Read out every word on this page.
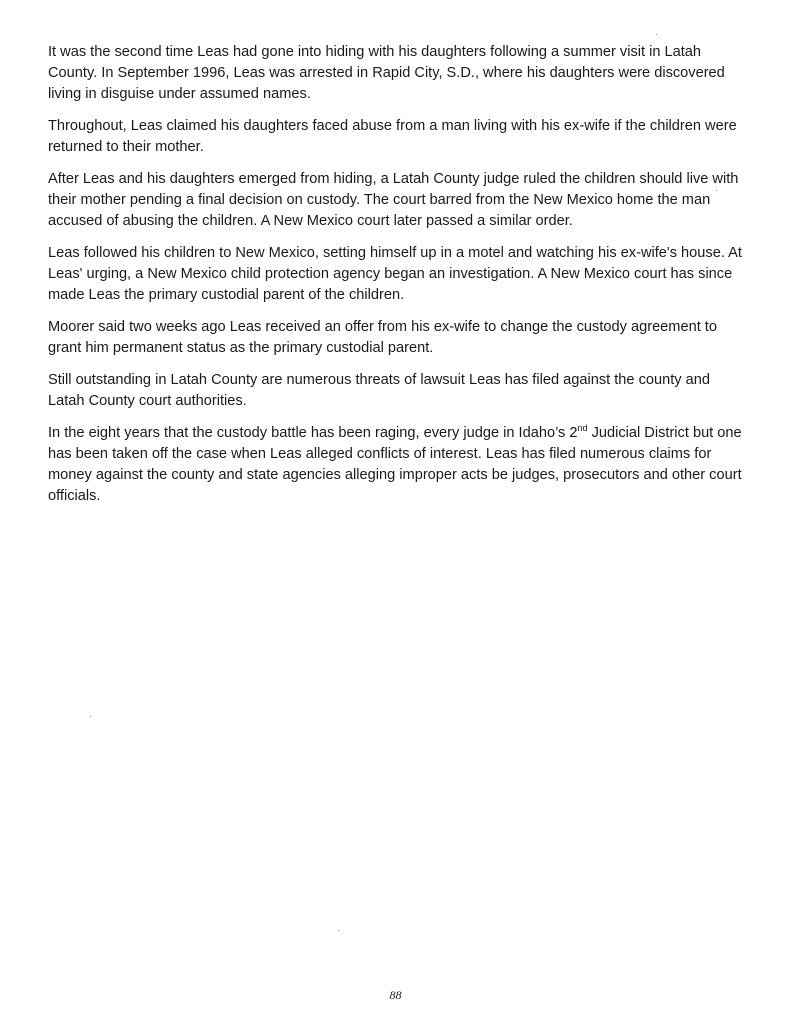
It was the second time Leas had gone into hiding with his daughters following a summer visit in Latah County. In September 1996, Leas was arrested in Rapid City, S.D., where his daughters were discovered living in disguise under assumed names.

Throughout, Leas claimed his daughters faced abuse from a man living with his ex-wife if the children were returned to their mother.

After Leas and his daughters emerged from hiding, a Latah County judge ruled the children should live with their mother pending a final decision on custody. The court barred from the New Mexico home the man accused of abusing the children. A New Mexico court later passed a similar order.

Leas followed his children to New Mexico, setting himself up in a motel and watching his ex-wife's house. At Leas' urging, a New Mexico child protection agency began an investigation. A New Mexico court has since made Leas the primary custodial parent of the children.

Moorer said two weeks ago Leas received an offer from his ex-wife to change the custody agreement to grant him permanent status as the primary custodial parent.

Still outstanding in Latah County are numerous threats of lawsuit Leas has filed against the county and Latah County court authorities.

In the eight years that the custody battle has been raging, every judge in Idaho’s 2nd Judicial District but one has been taken off the case when Leas alleged conflicts of interest. Leas has filed numerous claims for money against the county and state agencies alleging improper acts be judges, prosecutors and other court officials.

88
